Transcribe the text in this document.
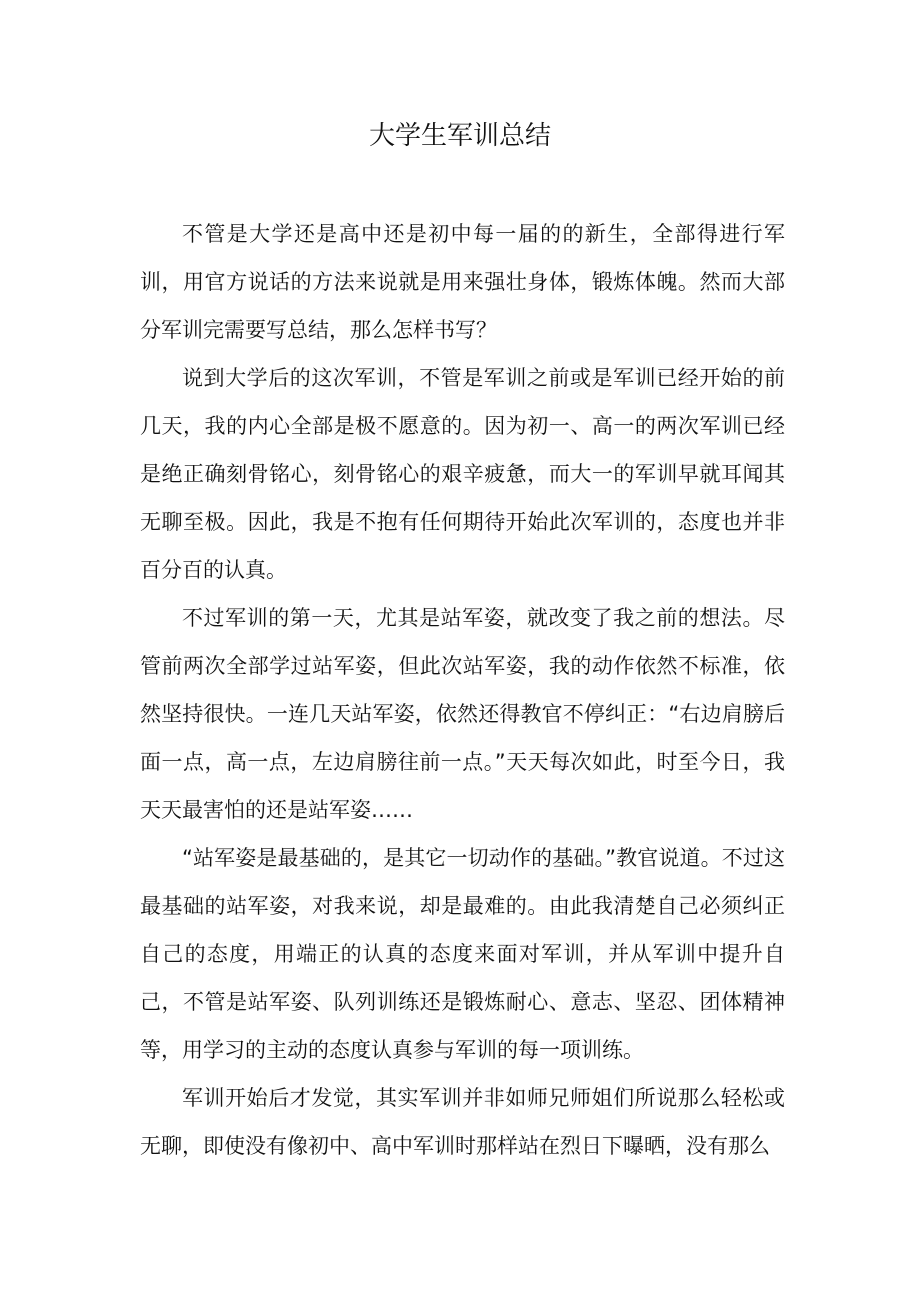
大学生军训总结

不管是大学还是高中还是初中每一届的的新生，全部得进行军训，用官方说话的方法来说就是用来强壮身体，锻炼体魄。然而大部分军训完需要写总结，那么怎样书写？

说到大学后的这次军训，不管是军训之前或是军训已经开始的前几天，我的内心全部是极不愿意的。因为初一、高一的两次军训已经是绝正确刻骨铭心，刻骨铭心的艰辛疲惫，而大一的军训早就耳闻其无聊至极。因此，我是不抱有任何期待开始此次军训的，态度也并非百分百的认真。

不过军训的第一天，尤其是站军姿，就改变了我之前的想法。尽管前两次全部学过站军姿，但此次站军姿，我的动作依然不标准，依然坚持很快。一连几天站军姿，依然还得教官不停纠正：“右边肩膀后面一点，高一点，左边肩膀往前一点。”天天每次如此，时至今日，我天天最害怕的还是站军姿……

“站军姿是最基础的，是其它一切动作的基础。”教官说道。不过这最基础的站军姿，对我来说，却是最难的。由此我清楚自己必须纠正自己的态度，用端正的认真的态度来面对军训，并从军训中提升自己，不管是站军姿、队列训练还是锻炼耐心、意志、坚忍、团体精神等，用学习的主动的态度认真参与军训的每一项训练。

军训开始后才发觉，其实军训并非如师兄师姐们所说那么轻松或无聊，即使没有像初中、高中军训时那样站在烈日下曝晒，没有那么
